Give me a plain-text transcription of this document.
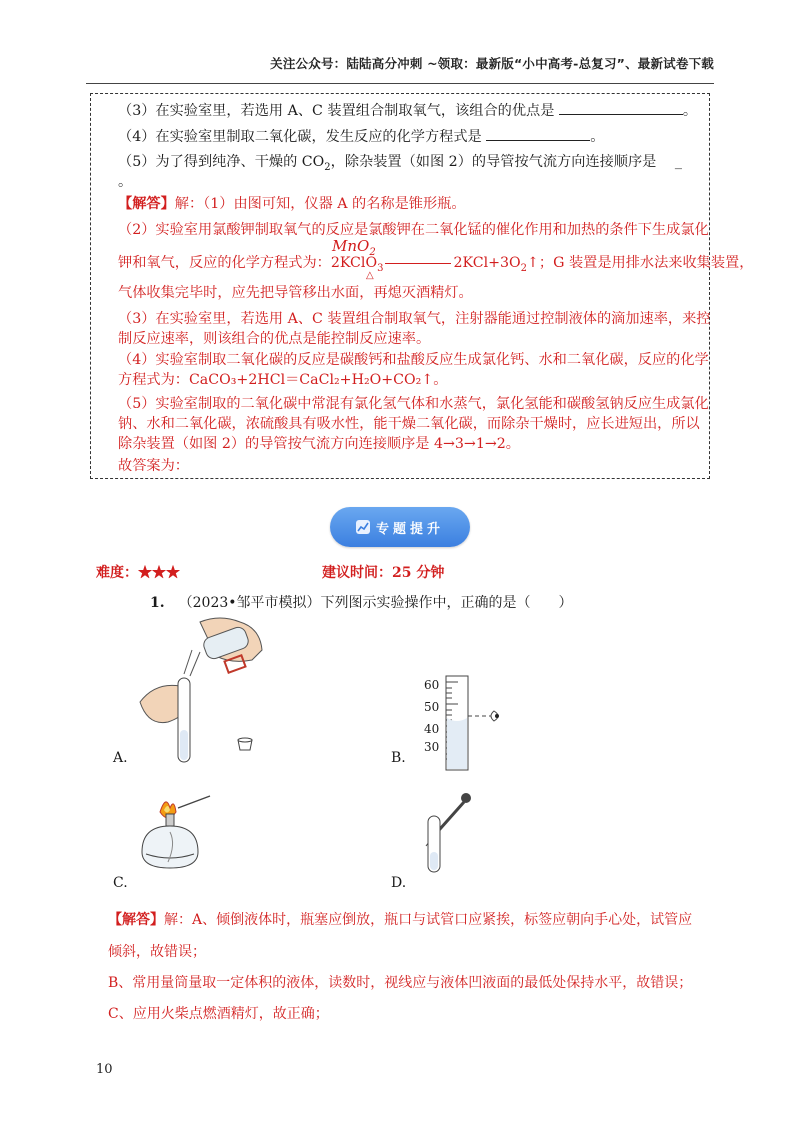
关注公众号：陆陆高分冲刺 ~领取：最新版“小中高考-总复习”、最新试卷下载
（3）在实验室里，若选用 A、C 装置组合制取氧气，该组合的优点是	。
（4）在实验室里制取二氧化碳，发生反应的化学方程式是	。
（5）为了得到纯净、干燥的 $CO_2$，除杂装置（如图 2）的导管按气流方向连接顺序是 _
。
【解答】解：（1）由图可知，仪器 A 的名称是锥形瓶。
（2）实验室用氯酸钾制取氧气的反应是氯酸钾在二氧化锰的催化作用和加热的条件下生成氯化
MnO$_2$
钾和氧气，反应的化学方程式为：2KClO$_3$	$2KCl+3O_2↑$；G 装置是用排水法来收集装置，
△
气体收集完毕时，应先把导管移出水面，再熄灭酒精灯。
（3）在实验室里，若选用 A、C 装置组合制取氧气，注射器能通过控制液体的滴加速率，来控
制反应速率，则该组合的优点是能控制反应速率。
（4）实验室制取二氧化碳的反应是碳酸钙和盐酸反应生成氯化钙、水和二氧化碳，反应的化学
方程式为：CaCO₃+2HCl＝CaCl₂+H₂O+CO₂↑。
（5）实验室制取的二氧化碳中常混有氯化氢气体和水蒸气，氯化氢能和碳酸氢钠反应生成氯化
钠、水和二氧化碳，浓硫酸具有吸水性，能干燥二氧化碳，而除杂干燥时，应长进短出，所以
除杂装置（如图 2）的导管按气流方向连接顺序是 4→3→1→2。
故答案为：
专题提升
难度：★★★	建议时间：25 分钟
1. （2023•邹平市模拟）下列图示实验操作中，正确的是（　　）
A.
60
50
40
30
B.
C.	D.
【解答】解：A、倾倒液体时，瓶塞应倒放，瓶口与试管口应紧挨，标签应朝向手心处，试管应
倾斜，故错误；
B、常用量筒量取一定体积的液体，读数时，视线应与液体凹液面的最低处保持水平，故错误；
C、应用火柴点燃酒精灯，故正确；
10
